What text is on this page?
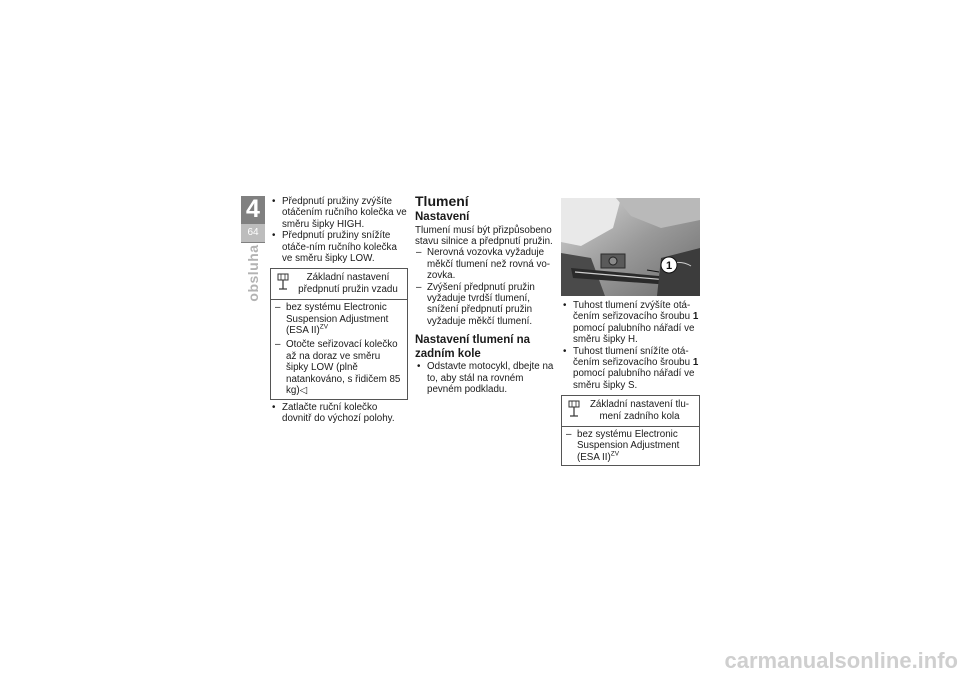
4
64
obsluha

• Předpnutí pružiny zvýšíte otáčením ručního kolečka ve směru šipky HIGH.

• Předpnutí pružiny snížíte otáče-ním ručního kolečka ve směru šipky LOW.

Základní nastavení předpnutí pružin vzadu

– bez systému Electronic Suspension Adjustment (ESA II)$^{ZV}$

– Otočte seřizovací kolečko až na doraz ve směru šipky LOW (plně natankováno, s řidičem 85 kg)◁

• Zatlačte ruční kolečko dovnitř do výchozí polohy.

Tlumení
Nastavení

Tlumení musí být přizpůsobeno stavu silnice a předpnutí pružin.

– Nerovná vozovka vyžaduje měkčí tlumení než rovná vo-zovka.

– Zvýšení předpnutí pružin vyžaduje tvrdší tlumení, snížení předpnutí pružin vyžaduje měkčí tlumení.

Nastavení tlumení na zadním kole

• Odstavte motocykl, dbejte na to, aby stál na rovném pevném podkladu.

1

• Tuhost tlumení zvýšíte otá-čením seřizovacího šroubu 1 pomocí palubního nářadí ve směru šipky H.

• Tuhost tlumení snížíte otá-čením seřizovacího šroubu 1 pomocí palubního nářadí ve směru šipky S.

Základní nastavení tlu-mení zadního kola

– bez systému Electronic Suspension Adjustment (ESA II)$^{ZV}$

carmanualsonline.info
